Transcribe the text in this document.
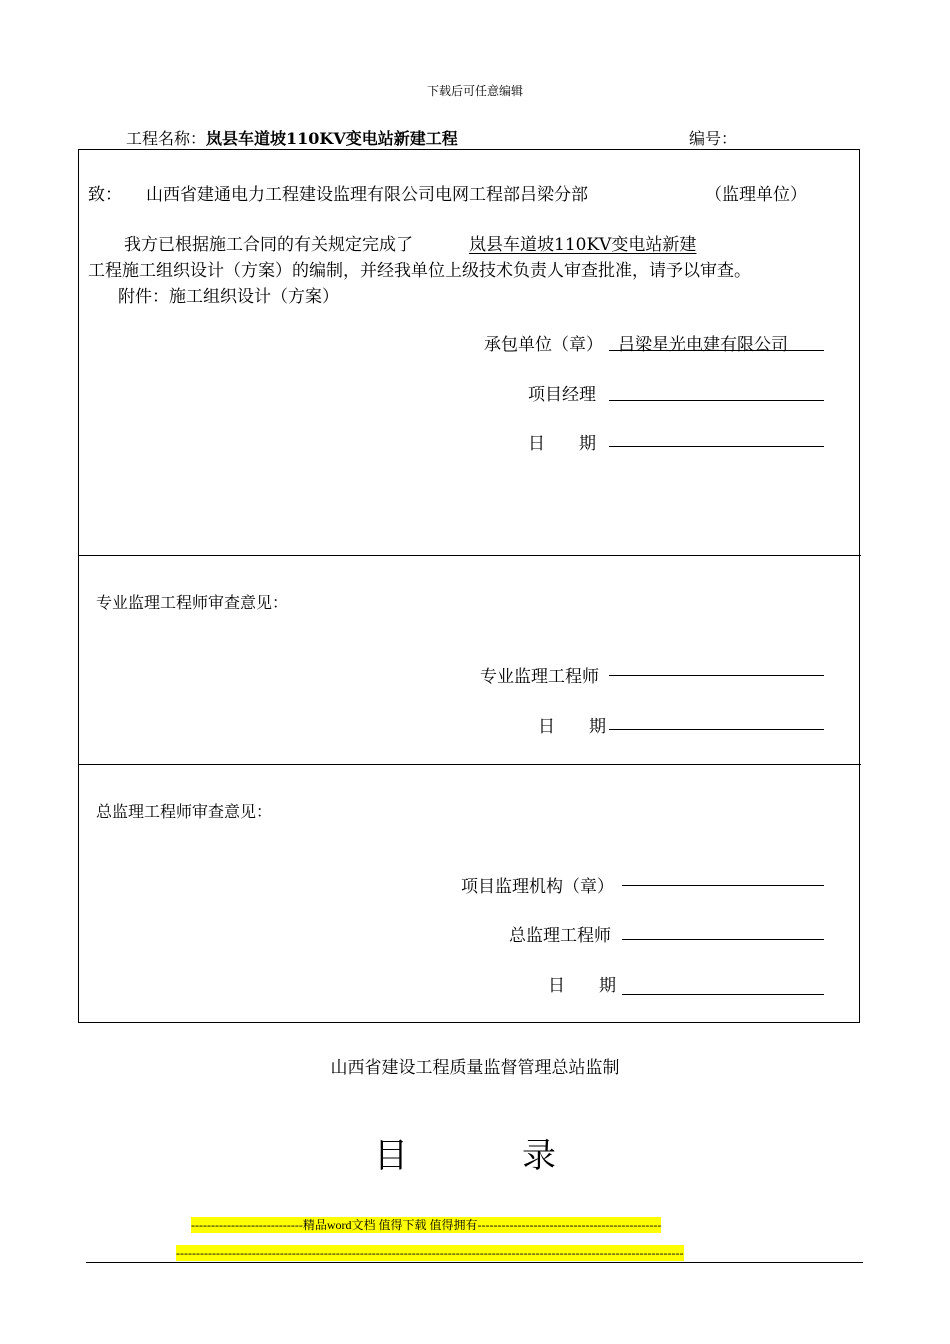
下载后可任意编辑
工程名称：岚县车道坡110KV变电站新建工程	编号：
致： 山西省建通电力工程建设监理有限公司电网工程部吕梁分部	（监理单位）
我方已根据施工合同的有关规定完成了	岚县车道坡110KV变电站新建
工程施工组织设计（方案）的编制，并经我单位上级技术负责人审查批准，请予以审查。
附件：施工组织设计（方案）
承包单位（章） 吕梁星光电建有限公司
项目经理
日　　期
专业监理工程师审查意见：
专业监理工程师
日　　期
总监理工程师审查意见：
项目监理机构（章）
总监理工程师
日　　期
山西省建设工程质量监督管理总站监制
目　录
----------------------------精品word文档 值得下载 值得拥有----------------------------------------------
-------------------------------------------------------------------------------------------------------------------------------
